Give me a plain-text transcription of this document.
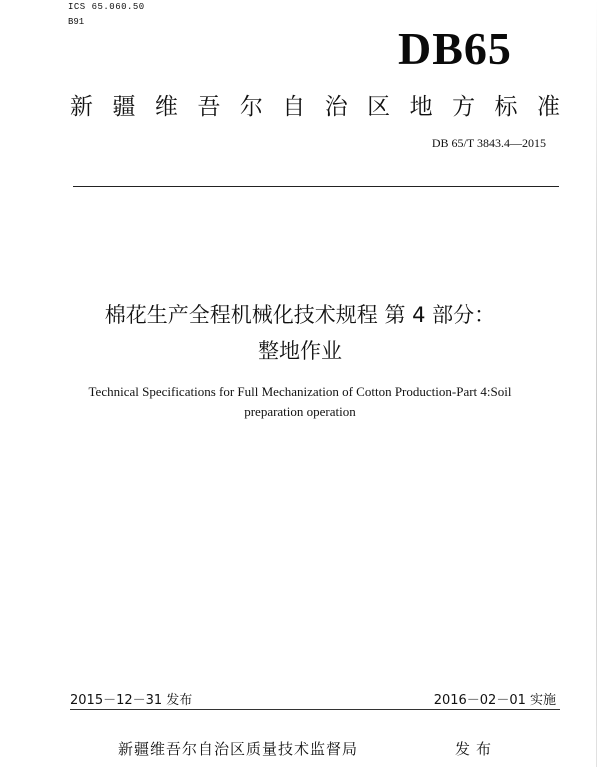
ICS 65.060.50
B91
DB65
新 疆 维 吾 尔 自 治 区 地 方 标 准
DB 65/T 3843.4—2015
棉花生产全程机械化技术规程 第 4 部分：
整地作业
Technical Specifications for Full Mechanization of Cotton Production-Part 4:Soil
preparation operation
2015－12－31 发布	2016－02－01 实施
新疆维吾尔自治区质量技术监督局	发布
